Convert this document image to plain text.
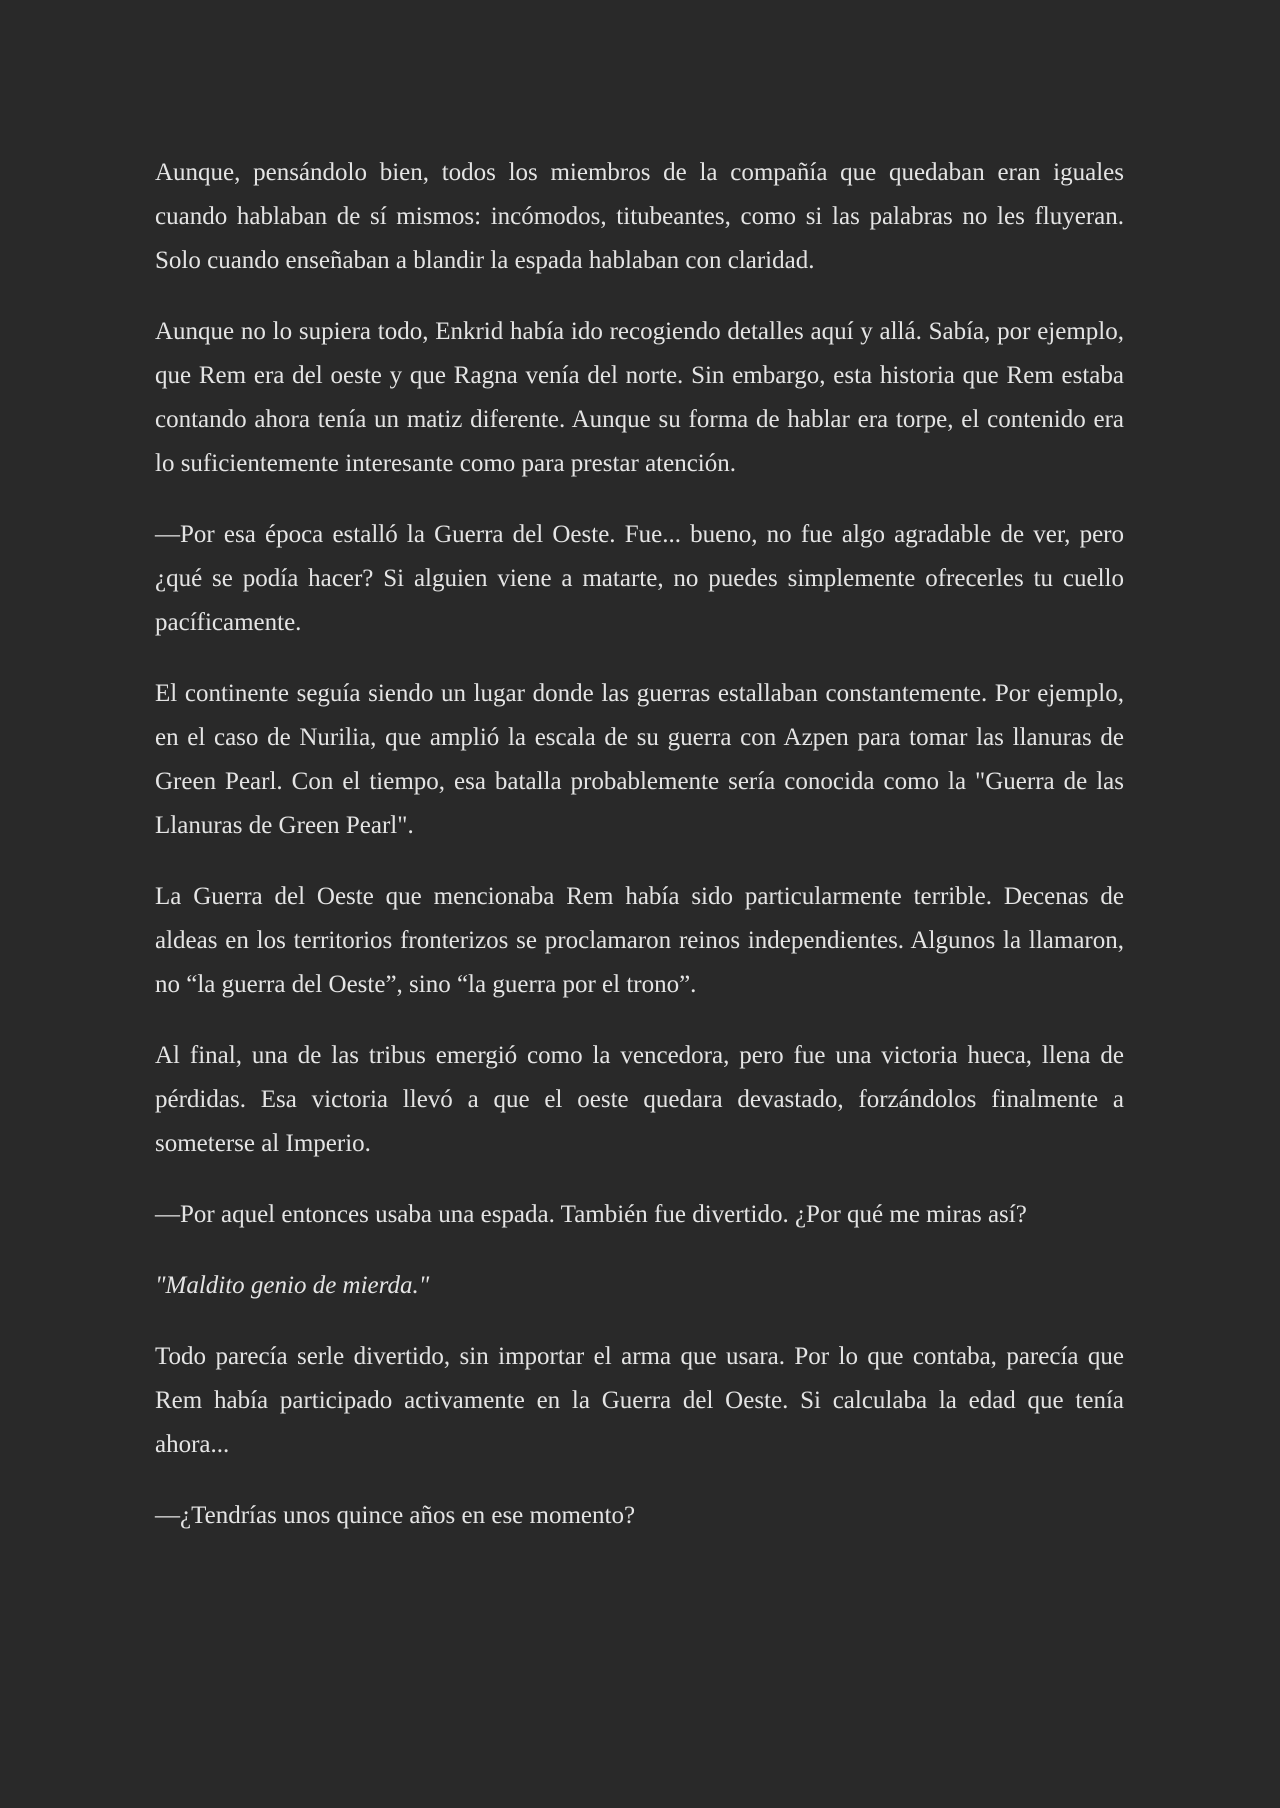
Aunque, pensándolo bien, todos los miembros de la compañía que quedaban eran iguales cuando hablaban de sí mismos: incómodos, titubeantes, como si las palabras no les fluyeran. Solo cuando enseñaban a blandir la espada hablaban con claridad.

Aunque no lo supiera todo, Enkrid había ido recogiendo detalles aquí y allá. Sabía, por ejemplo, que Rem era del oeste y que Ragna venía del norte. Sin embargo, esta historia que Rem estaba contando ahora tenía un matiz diferente. Aunque su forma de hablar era torpe, el contenido era lo suficientemente interesante como para prestar atención.

—Por esa época estalló la Guerra del Oeste. Fue... bueno, no fue algo agradable de ver, pero ¿qué se podía hacer? Si alguien viene a matarte, no puedes simplemente ofrecerles tu cuello pacíficamente.

El continente seguía siendo un lugar donde las guerras estallaban constantemente. Por ejemplo, en el caso de Nurilia, que amplió la escala de su guerra con Azpen para tomar las llanuras de Green Pearl. Con el tiempo, esa batalla probablemente sería conocida como la "Guerra de las Llanuras de Green Pearl".

La Guerra del Oeste que mencionaba Rem había sido particularmente terrible. Decenas de aldeas en los territorios fronterizos se proclamaron reinos independientes. Algunos la llamaron, no “la guerra del Oeste”, sino “la guerra por el trono”.

Al final, una de las tribus emergió como la vencedora, pero fue una victoria hueca, llena de pérdidas. Esa victoria llevó a que el oeste quedara devastado, forzándolos finalmente a someterse al Imperio.

—Por aquel entonces usaba una espada. También fue divertido. ¿Por qué me miras así?

"Maldito genio de mierda."

Todo parecía serle divertido, sin importar el arma que usara. Por lo que contaba, parecía que Rem había participado activamente en la Guerra del Oeste. Si calculaba la edad que tenía ahora...

—¿Tendrías unos quince años en ese momento?
